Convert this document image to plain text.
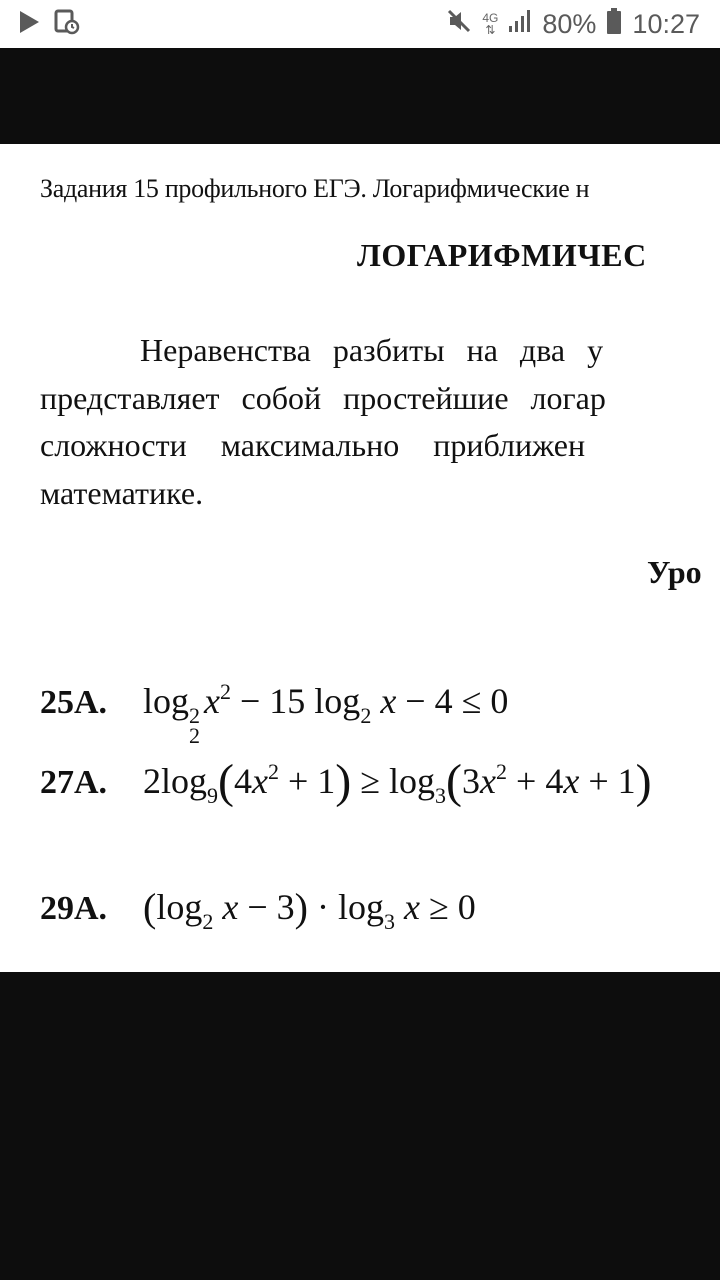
4G
⇅ 80% 10:27
Задания 15 профильного ЕГЭ. Логарифмические н
ЛОГАРИФМИЧЕС
Неравенства разбиты на два у
представляет собой простейшие логар
сложности максимально приближен
математике.
Уро
25А. log 2
2
$x^2 - 15$ $\log_2 x - 4 \le 0$
27А. $2\log_9(4x^2 + 1) \ge \log_3(3x^2 + 4x + 1)$
29А. ($\log_2$ $x - 3) \cdot \log_3 x \ge 0$
